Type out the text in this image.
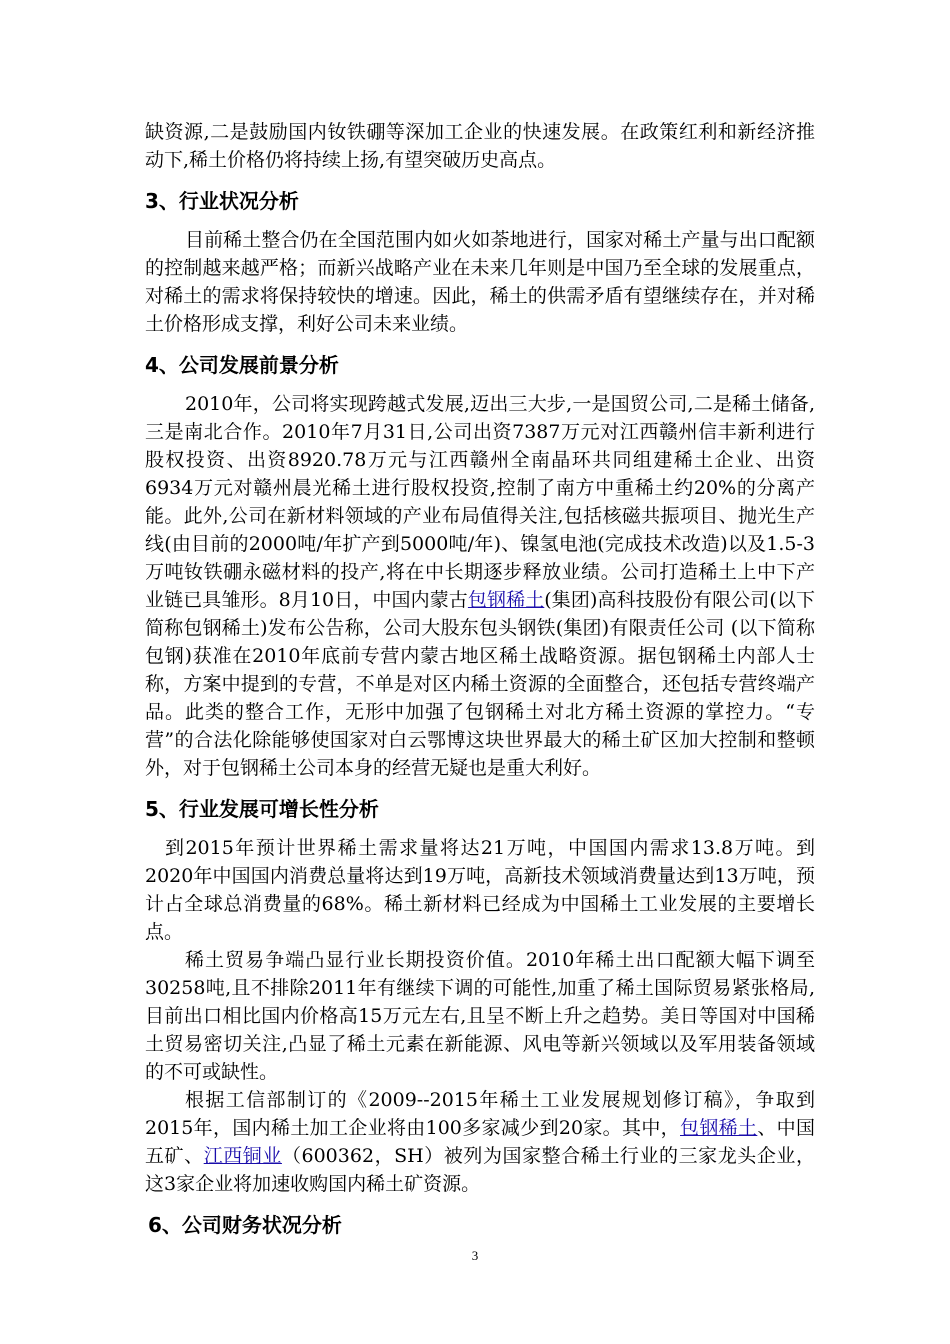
缺资源,二是鼓励国内钕铁硼等深加工企业的快速发展。在政策红利和新经济推动下,稀土价格仍将持续上扬,有望突破历史高点。

3、行业状况分析

目前稀土整合仍在全国范围内如火如荼地进行，国家对稀土产量与出口配额的控制越来越严格；而新兴战略产业在未来几年则是中国乃至全球的发展重点，对稀土的需求将保持较快的增速。因此，稀土的供需矛盾有望继续存在，并对稀土价格形成支撑，利好公司未来业绩。

4、公司发展前景分析

2010年，公司将实现跨越式发展,迈出三大步,一是国贸公司,二是稀土储备,三是南北合作。2010年7月31日,公司出资7387万元对江西赣州信丰新利进行股权投资、出资8920.78万元与江西赣州全南晶环共同组建稀土企业、出资6934万元对赣州晨光稀土进行股权投资,控制了南方中重稀土约20%的分离产能。此外,公司在新材料领域的产业布局值得关注,包括核磁共振项目、抛光生产线(由目前的2000吨/年扩产到5000吨/年)、镍氢电池(完成技术改造)以及1.5-3万吨钕铁硼永磁材料的投产,将在中长期逐步释放业绩。公司打造稀土上中下产业链已具雏形。8月10日，中国内蒙古包钢稀土(集团)高科技股份有限公司(以下简称包钢稀土)发布公告称，公司大股东包头钢铁(集团)有限责任公司 (以下简称包钢)获准在2010年底前专营内蒙古地区稀土战略资源。据包钢稀土内部人士称，方案中提到的专营，不单是对区内稀土资源的全面整合，还包括专营终端产品。此类的整合工作，无形中加强了包钢稀土对北方稀土资源的掌控力。“专营”的合法化除能够使国家对白云鄂博这块世界最大的稀土矿区加大控制和整顿外，对于包钢稀土公司本身的经营无疑也是重大利好。

5、行业发展可增长性分析

到2015年预计世界稀土需求量将达21万吨，中国国内需求13.8万吨。到2020年中国国内消费总量将达到19万吨，高新技术领域消费量达到13万吨，预计占全球总消费量的68%。稀土新材料已经成为中国稀土工业发展的主要增长点。

稀土贸易争端凸显行业长期投资价值。2010年稀土出口配额大幅下调至30258吨,且不排除2011年有继续下调的可能性,加重了稀土国际贸易紧张格局,目前出口相比国内价格高15万元左右,且呈不断上升之趋势。美日等国对中国稀土贸易密切关注,凸显了稀土元素在新能源、风电等新兴领域以及军用装备领域的不可或缺性。

根据工信部制订的《2009--2015年稀土工业发展规划修订稿》，争取到2015年，国内稀土加工企业将由100多家减少到20家。其中，包钢稀土、中国五矿、江西铜业（600362，SH）被列为国家整合稀土行业的三家龙头企业，这3家企业将加速收购国内稀土矿资源。

6、公司财务状况分析
3
